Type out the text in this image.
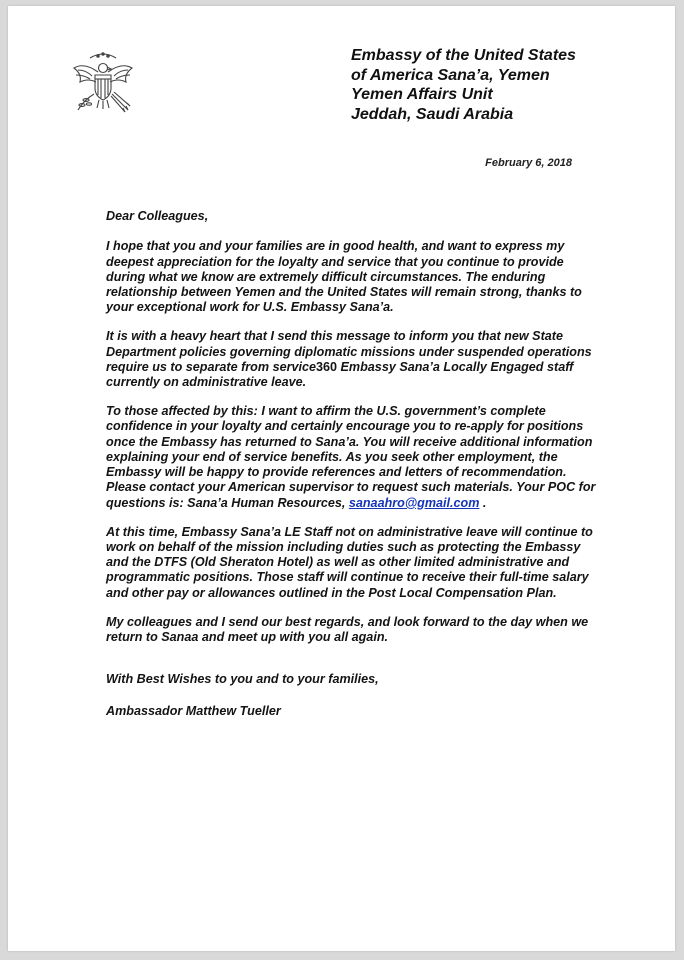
Embassy of the United States
of America Sana’a, Yemen
Yemen Affairs Unit
Jeddah, Saudi Arabia
February 6, 2018

Dear Colleagues,

I hope that you and your families are in good health, and want to express my deepest appreciation for the loyalty and service that you continue to provide during what we know are extremely difficult circumstances. The enduring relationship between Yemen and the United States will remain strong, thanks to your exceptional work for U.S. Embassy Sana’a.

It is with a heavy heart that I send this message to inform you that new State Department policies governing diplomatic missions under suspended operations require us to separate from service360 Embassy Sana’a Locally Engaged staff currently on administrative leave.

To those affected by this: I want to affirm the U.S. government’s complete confidence in your loyalty and certainly encourage you to re-apply for positions once the Embassy has returned to Sana’a. You will receive additional information explaining your end of service benefits. As you seek other employment, the Embassy will be happy to provide references and letters of recommendation. Please contact your American supervisor to request such materials. Your POC for questions is: Sana’a Human Resources, sanaahro@gmail.com .

At this time, Embassy Sana’a LE Staff not on administrative leave will continue to work on behalf of the mission including duties such as protecting the Embassy and the DTFS (Old Sheraton Hotel) as well as other limited administrative and programmatic positions. Those staff will continue to receive their full-time salary and other pay or allowances outlined in the Post Local Compensation Plan.

My colleagues and I send our best regards, and look forward to the day when we return to Sanaa and meet up with you all again.

With Best Wishes to you and to your families,

Ambassador Matthew Tueller
